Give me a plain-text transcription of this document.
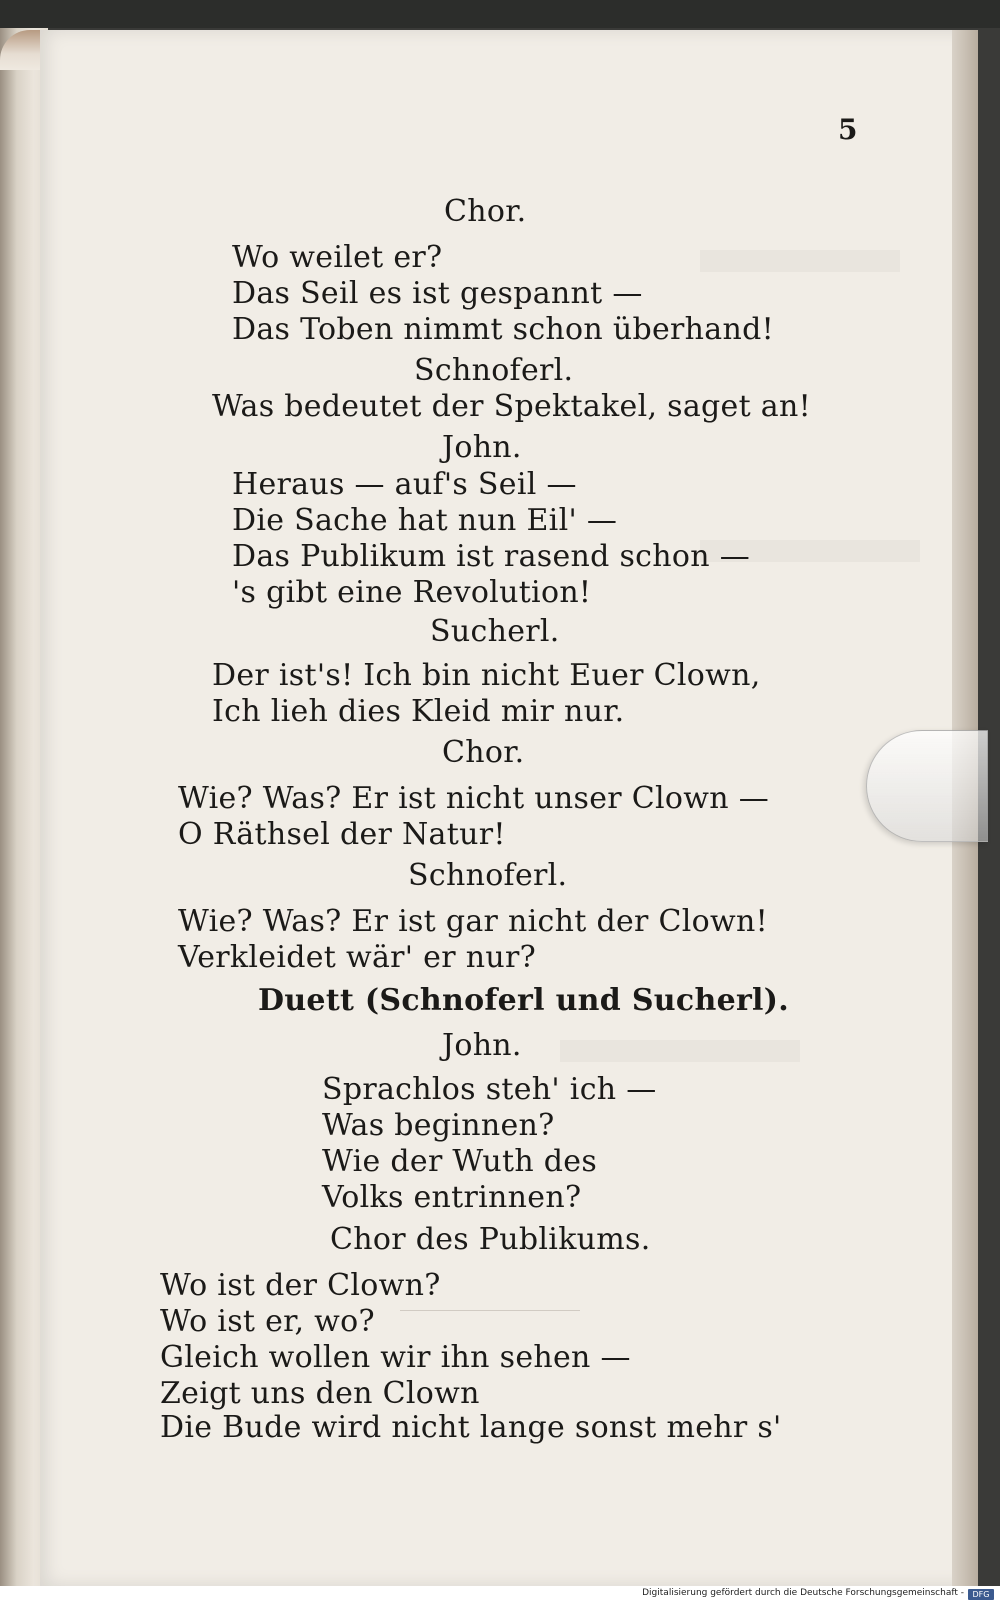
5
Chor.
Wo weilet er?
Das Seil es ist gespannt —
Das Toben nimmt schon überhand!
Schnoferl.
Was bedeutet der Spektakel, saget an!
John.
Heraus — auf's Seil —
Die Sache hat nun Eil' —
Das Publikum ist rasend schon —
's gibt eine Revolution!
Sucherl.
Der ist's! Ich bin nicht Euer Clown,
Ich lieh dies Kleid mir nur.
Chor.
Wie? Was? Er ist nicht unser Clown —
O Räthsel der Natur!
Schnoferl.
Wie? Was? Er ist gar nicht der Clown!
Verkleidet wär' er nur?
Duett (Schnoferl und Sucherl).
John.
Sprachlos steh' ich —
Was beginnen?
Wie der Wuth des
Volks entrinnen?
Chor des Publikums.
Wo ist der Clown?
Wo ist er, wo?
Gleich wollen wir ihn sehen —
Zeigt uns den Clown
Die Bude wird nicht lange sonst mehr s'
Digitalisierung gefördert durch die Deutsche Forschungsgemeinschaft -	DFG
